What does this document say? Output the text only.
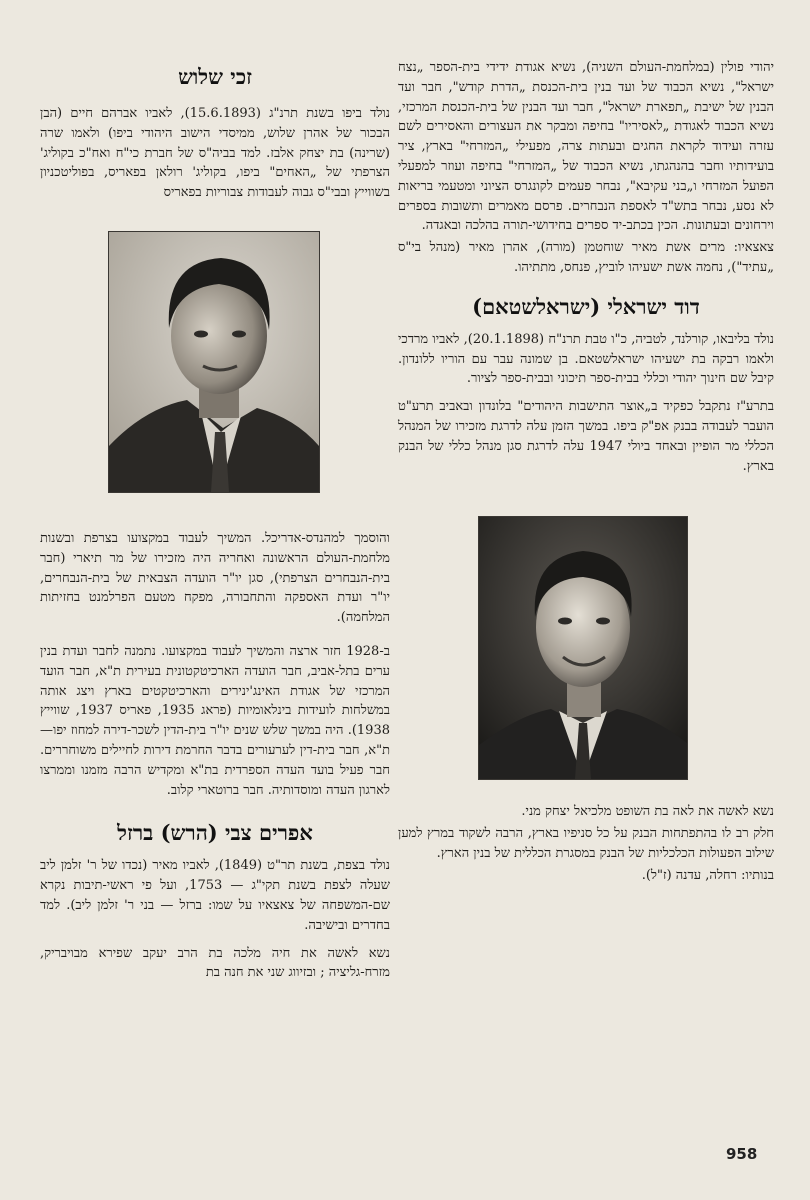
יהודי פולין (במלחמת-העולם השניה), נשיא אגודת ידידי בית-הספר „נצח ישראל", נשיא הכבוד של ועד בנין בית-הכנסת „הדרת קודש", חבר ועד הבנין של ישיבת „תפארת ישראל", חבר ועד הבנין של בית-הכנסת המרכזי, נשיא הכבוד לאגודת „לאסיריו" בחיפה ומבקר את העצורים והאסירים לשם עזרה ועידוד לקראת החגים ובעתות צרה, מפעילי „המזרחי" בארץ, ציר בועידותיו וחבר בהנהגתו, נשיא הכבוד של „המזרחי" בחיפה ועוזר למפעלי הפועל המזרחי ו„בני עקיבא", נבחר פעמים לקונגרס הציוני ומטעמי בריאות לא נסע, נבחר בתש"ד לאספת הנבחרים. פרסם מאמרים ותשובות בספרים וירחונים ובעתונות. הכין בכתב-יד ספרים בחידושי-תורה בהלכה ובאגדה.

צאצאיו: מרים אשת מאיר שוחטמן (מורה), אהרן מאיר (מנהל בי"ס „עתיד"), נחמה אשת ישעיהו לוביץ, פנחס, מתתיהו.

דוד ישראלי (ישראלשטאם)

נולד בליבאו, קורלנד, לטביה, כ"ו טבת תרנ"ח (20.1.1898), לאביו מרדכי ולאמו רבקה בת ישעיהו ישראלשטאם. בן שמונה עבר עם הוריו ללונדון. קיבל שם חינוך יהודי וכללי בבית-ספר תיכוני ובבית-ספר לציור.

בתרע"ז נתקבל כפקיד ב„אוצר התישבות היהודים" בלונדון ובאביב תרע"ט הועבר לעבודה בבנק אפ"ק ביפו. במשך הזמן עלה לדרגת מזכירו של המנהל הכללי מר הופיין ובאחד ביולי 1947 עלה לדרגת סגן מנהל כללי של הבנק בארץ.

נשא לאשה את לאה בת השופט מלכיאל יצחק מני.

חלק רב לו בהתפתחות הבנק על כל סניפיו בארץ, הרבה לשקוד במרץ למען שילוב הפעולות הכלכליות של הבנק במסגרת הכללית של בנין הארץ.

בנותיו: רחלה, עדנה (ז"ל).

זכי שלוש

נולד ביפו בשנת תרנ"ג (15.6.1893), לאביו אברהם חיים (הבן הבכור של אהרן שלוש, ממיסדי הישוב היהודי ביפו) ולאמו שרה (שרינה) בת יצחק אלבז. למד בביה"ס של חברת כי"ח ואח"כ בקוליג' הצרפתי של „האחים" ביפו, בקוליג' רולאן בפאריס, בפוליטכניון בשווייץ ובבי"ס גבוה לעבודות צבוריות בפאריס

והוסמך למהנדס-אדריכל. המשיך לעבוד במקצועו בצרפת ובשנות מלחמת-העולם הראשונה ואחריה היה מזכירו של מר תיארי (חבר בית-הנבחרים הצרפתי), סגן יו"ר הועדה הצבאית של בית-הנבחרים, יו"ר ועדת האספקה והתחבורה, מפקח מטעם הפרלמנט בחזיתות המלחמה).

ב-1928 חזר ארצה והמשיך לעבוד במקצועו. נתמנה לחבר ועדת בנין ערים בתל-אביב, חבר הועדה הארכיטקטונית בעירית ת"א, חבר הועד המרכזי של אגודת האינג'ינירים והארכיטקטים בארץ ויצג אותה במשלחות לועידות בינלאומיות (פראג 1935, פאריס 1937, שווייץ 1938). היה במשך שלש שנים יו"ר בית-הדין לשכר-דירה למחוז יפו—ת"א, חבר בית-דין לערעורים בדבר החרמת דירות לחיילים משוחררים. חבר פעיל בועד העדה הספרדית בת"א ומקדיש הרבה מזמנו וממרצו לארגון העדה ומוסדותיה. חבר ברוטארי קלוב.

אפרים צבי (הרש) ברזל

נולד בצפת, בשנת תר"ט (1849), לאביו מאיר (נכדו של ר' זלמן ליב שעלה לצפת בשנת תקי"ג — 1753, ועל פי ראשי-תיבות נקרא שם-המשפחה של צאצאיו על שמו: ברזל — בני ר' זלמן ליב). למד בחדרים ובישיבה.

נשא לאשה את חיה מלכה בת הרב יעקב שפירא מבויבריק, מזרח-גליציה ; ובזיווג שני את חנה בת

958
